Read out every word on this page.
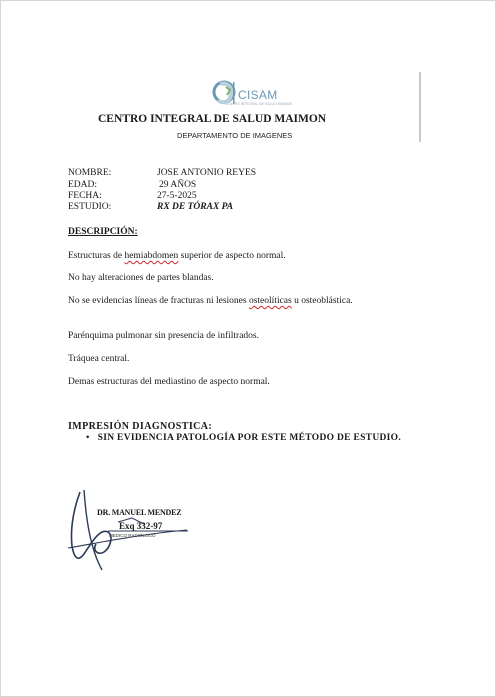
CISAM
CENTRO INTEGRAL DE SALUD MAIMON
CENTRO INTEGRAL DE SALUD MAIMON
DEPARTAMENTO DE IMAGENES
NOMBRE:	JOSE ANTONIO REYES
EDAD:	29 AÑOS
FECHA:	27-5-2025
ESTUDIO:	RX DE TÓRAX PA
DESCRIPCIÓN:
Estructuras de hemiabdomen superior de aspecto normal.
No hay alteraciones de partes blandas.
No se evidencias líneas de fracturas ni lesiones osteolíticas u osteoblástica.
Parénquima pulmonar sin presencia de infiltrados.
Tráquea central.
Demas estructuras del mediastino de aspecto normal.
IMPRESIÓN DIAGNOSTICA:
• SIN EVIDENCIA PATOLOGÍA POR ESTE MÉTODO DE ESTUDIO.
DR. MANUEL MENDEZ
Exq 332-97
MEDICO RADIÓLOGO
